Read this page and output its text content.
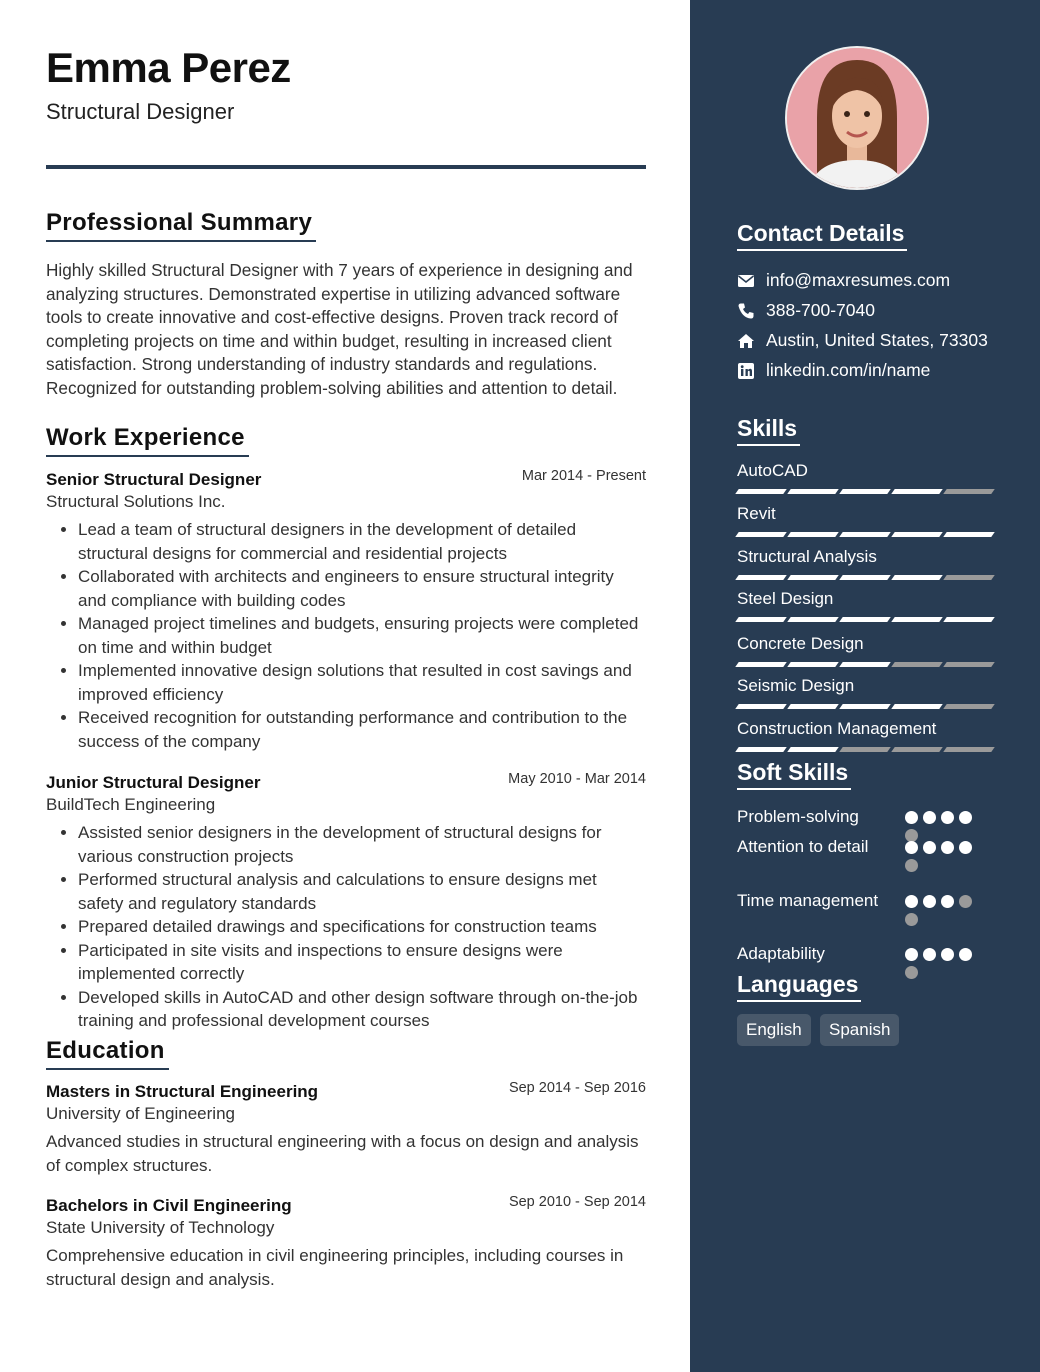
Emma Perez
Structural Designer
Professional Summary
Highly skilled Structural Designer with 7 years of experience in designing and analyzing structures. Demonstrated expertise in utilizing advanced software tools to create innovative and cost-effective designs. Proven track record of completing projects on time and within budget, resulting in increased client satisfaction. Strong understanding of industry standards and regulations. Recognized for outstanding problem-solving abilities and attention to detail.
Work Experience
Senior Structural Designer	Mar 2014 - Present
Structural Solutions Inc.
• Lead a team of structural designers in the development of detailed structural designs for commercial and residential projects
• Collaborated with architects and engineers to ensure structural integrity and compliance with building codes
• Managed project timelines and budgets, ensuring projects were completed on time and within budget
• Implemented innovative design solutions that resulted in cost savings and improved efficiency
• Received recognition for outstanding performance and contribution to the success of the company
Junior Structural Designer	May 2010 - Mar 2014
BuildTech Engineering
• Assisted senior designers in the development of structural designs for various construction projects
• Performed structural analysis and calculations to ensure designs met safety and regulatory standards
• Prepared detailed drawings and specifications for construction teams
• Participated in site visits and inspections to ensure designs were implemented correctly
• Developed skills in AutoCAD and other design software through on-the-job training and professional development courses
Education
Masters in Structural Engineering	Sep 2014 - Sep 2016
University of Engineering

Advanced studies in structural engineering with a focus on design and analysis of complex structures.

Bachelors in Civil Engineering	Sep 2010 - Sep 2014
State University of Technology

Comprehensive education in civil engineering principles, including courses in structural design and analysis.

Contact Details
info@maxresumes.com
388-700-7040
Austin, United States, 73303
linkedin.com/in/name
Skills
AutoCAD
Revit
Structural Analysis
Steel Design
Concrete Design
Seismic Design
Construction Management
Soft Skills
Problem-solving
Attention to detail
Time management
Adaptability
Languages
English	Spanish
